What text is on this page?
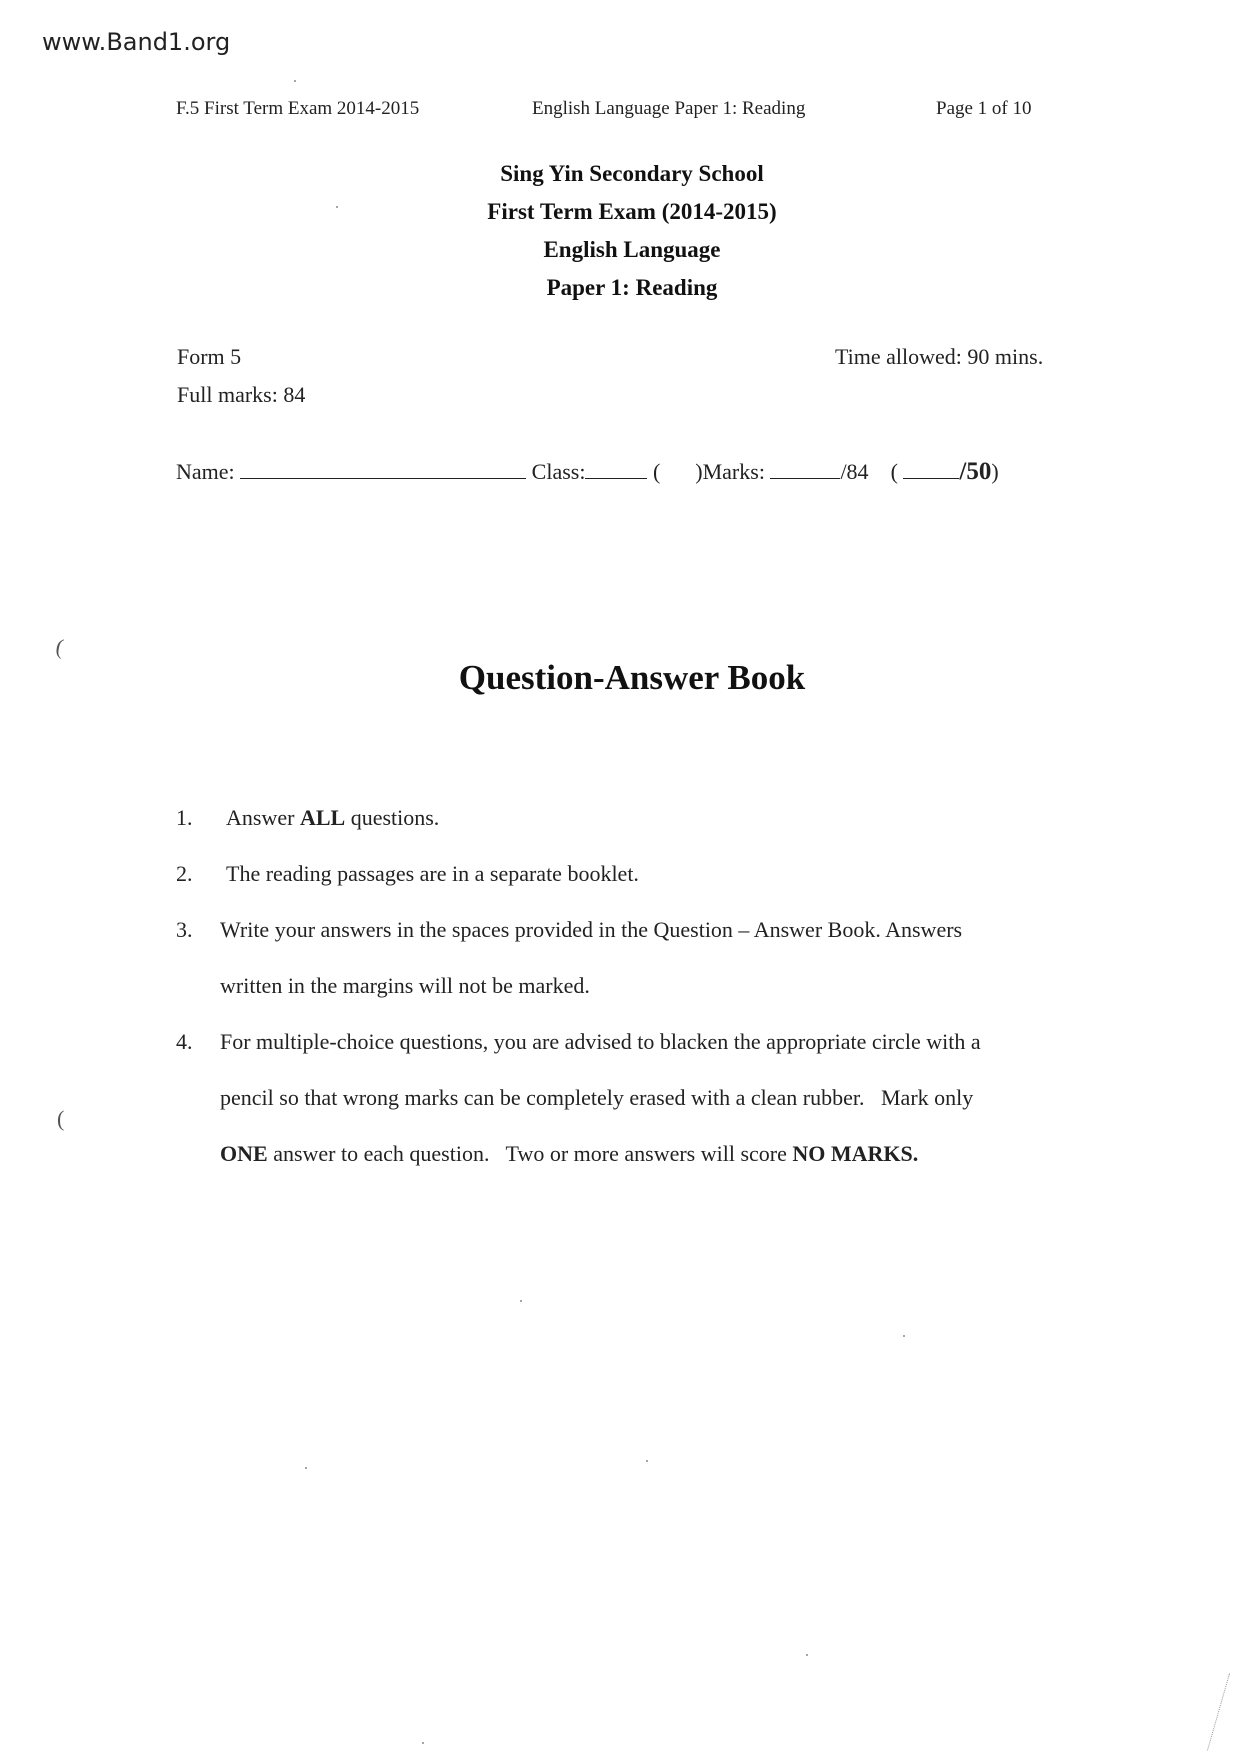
www.Band1.org
F.5 First Term Exam 2014-2015	English Language Paper 1: Reading	Page 1 of 10
Sing Yin Secondary School
First Term Exam (2014-2015)
English Language
Paper 1: Reading
Form 5	Time allowed: 90 mins.
Full marks: 84
Name:	Class:	( )Marks:	/84 ( /50)
Question-Answer Book
1. Answer ALL questions.
2. The reading passages are in a separate booklet.
3. Write your answers in the spaces provided in the Question – Answer Book. Answers
written in the margins will not be marked.
4. For multiple-choice questions, you are advised to blacken the appropriate circle with a
pencil so that wrong marks can be completely erased with a clean rubber.   Mark only
ONE answer to each question.   Two or more answers will score NO MARKS.
(
(
